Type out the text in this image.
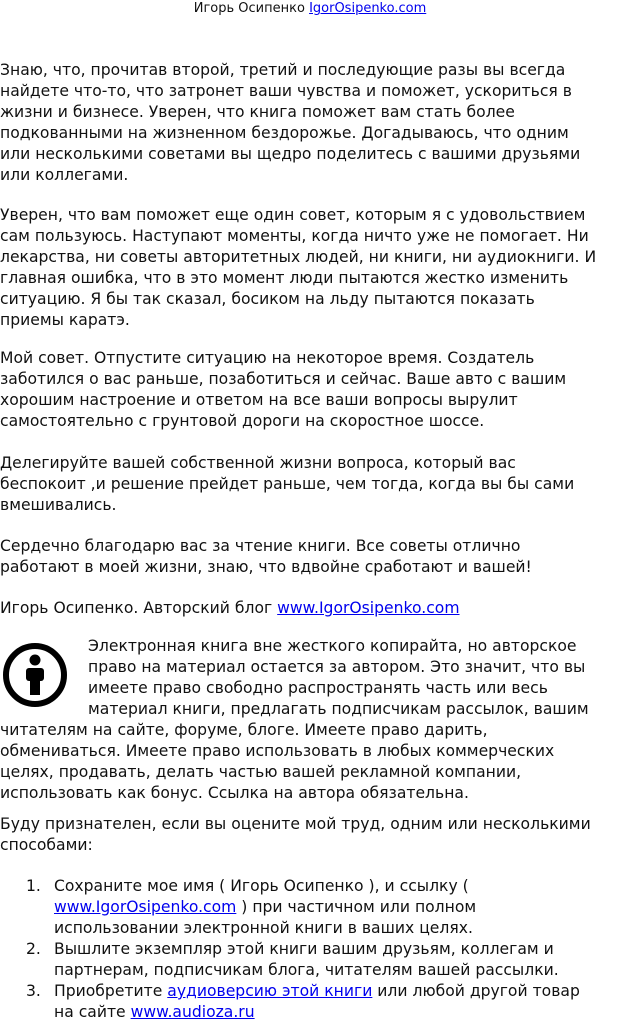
Игорь Осипенко IgorOsipenko.com
Знаю, что, прочитав второй, третий и последующие разы вы всегда
найдете что-то, что затронет ваши чувства и поможет, ускориться в
жизни и бизнесе. Уверен, что книга поможет вам стать более
подкованными на жизненном бездорожье. Догадываюсь, что одним
или несколькими советами вы щедро поделитесь с вашими друзьями
или коллегами.
Уверен, что вам поможет еще один совет, которым я с удовольствием
сам пользуюсь. Наступают моменты, когда ничто уже не помогает. Ни
лекарства, ни советы авторитетных людей, ни книги, ни аудиокниги. И
главная ошибка, что в это момент люди пытаются жестко изменить
ситуацию. Я бы так сказал, босиком на льду пытаются показать
приемы каратэ.
Мой совет. Отпустите ситуацию на некоторое время. Создатель
заботился о вас раньше, позаботиться и сейчас. Ваше авто с вашим
хорошим настроение и ответом на все ваши вопросы вырулит
самостоятельно с грунтовой дороги на скоростное шоссе.
Делегируйте вашей собственной жизни вопроса, который вас
беспокоит ,и решение прейдет раньше, чем тогда, когда вы бы сами
вмешивались.
Сердечно благодарю вас за чтение книги. Все советы отлично
работают в моей жизни, знаю, что вдвойне сработают и вашей!
Игорь Осипенко. Авторский блог www.IgorOsipenko.com
Электронная книга вне жесткого копирайта, но авторское
право на материал остается за автором. Это значит, что вы
имеете право свободно распространять часть или весь
материал книги, предлагать подписчикам рассылок, вашим
читателям на сайте, форуме, блоге. Имеете право дарить,
обмениваться. Имеете право использовать в любых коммерческих
целях, продавать, делать частью вашей рекламной компании,
использовать как бонус. Ссылка на автора обязательна.
Буду признателен, если вы оцените мой труд, одним или несколькими
способами:
1. Сохраните мое имя ( Игорь Осипенко ), и ссылку (
www.IgorOsipenko.com ) при частичном или полном
использовании электронной книги в ваших целях.
2. Вышлите экземпляр этой книги вашим друзьям, коллегам и
партнерам, подписчикам блога, читателям вашей рассылки.
3. Приобретите аудиоверсию этой книги или любой другой товар
на сайте www.audioza.ru
